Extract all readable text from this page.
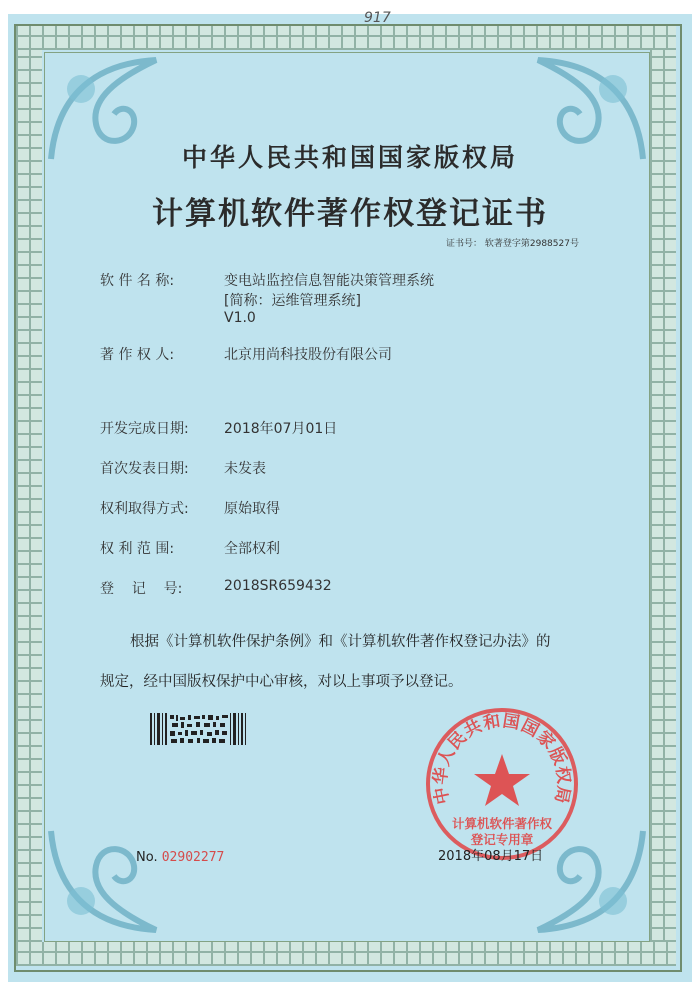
917
中华人民共和国国家版权局
计算机软件著作权登记证书
证书号： 软著登字第2988527号
软 件 名 称:	变电站监控信息智能决策管理系统
[简称：运维管理系统]
V1.0
著 作 权 人:	北京用尚科技股份有限公司
开发完成日期:	2018年07月01日
首次发表日期:	未发表
权利取得方式:	原始取得
权 利 范 围:	全部权利
登    记    号:	2018SR659432
根据《计算机软件保护条例》和《计算机软件著作权登记办法》的
规定，经中国版权保护中心审核，对以上事项予以登记。
No. 02902277
中华人民共和国国家版权局
计算机软件著作权
登记专用章
2018年08月17日
